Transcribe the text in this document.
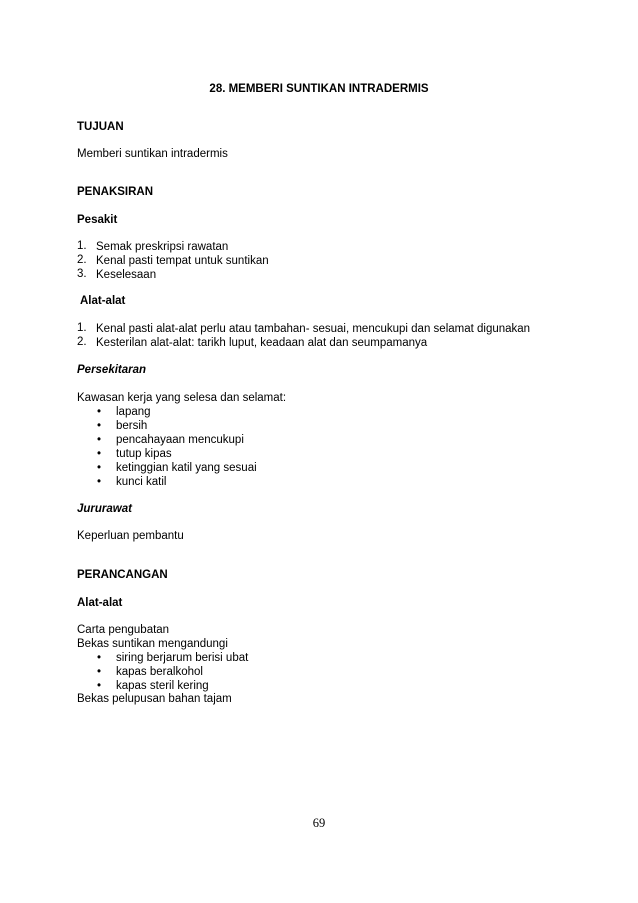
28. MEMBERI SUNTIKAN INTRADERMIS
TUJUAN
Memberi suntikan intradermis
PENAKSIRAN
Pesakit
1. Semak preskripsi rawatan
2. Kenal pasti tempat untuk suntikan
3. Keselesaan
Alat-alat
1. Kenal pasti alat-alat perlu atau tambahan- sesuai, mencukupi dan selamat digunakan
2. Kesterilan alat-alat: tarikh luput, keadaan alat dan seumpamanya
Persekitaran
Kawasan kerja yang selesa dan selamat:
• lapang
• bersih
• pencahayaan mencukupi
• tutup kipas
• ketinggian katil yang sesuai
• kunci katil
Jururawat
Keperluan pembantu
PERANCANGAN
Alat-alat
Carta pengubatan
Bekas suntikan mengandungi
• siring berjarum berisi ubat
• kapas beralkohol
• kapas steril kering
Bekas pelupusan bahan tajam
69
